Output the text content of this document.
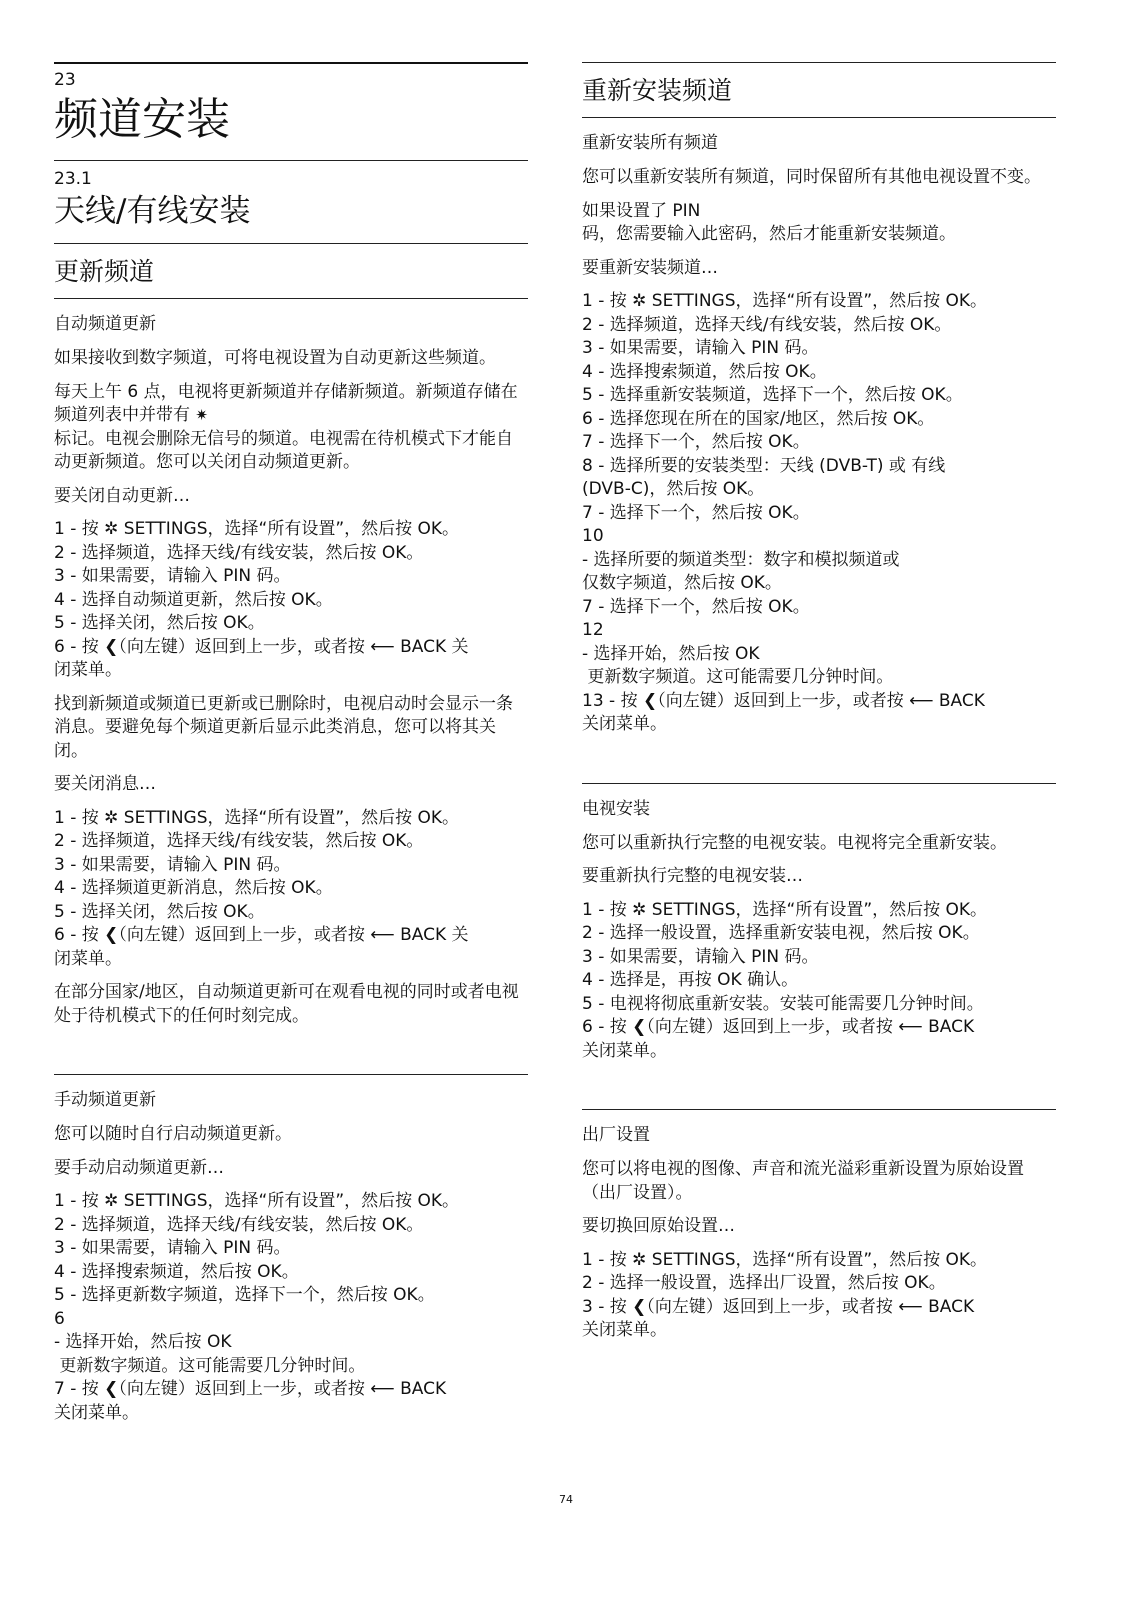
23
频道安装
23.1
天线/有线安装
更新频道
自动频道更新
如果接收到数字频道，可将电视设置为自动更新这些频道。
每天上午 6 点，电视将更新频道并存储新频道。新频道存储在频道列表中并带有 ✷
标记。电视会删除无信号的频道。电视需在待机模式下才能自动更新频道。您可以关闭自动频道更新。
要关闭自动更新…
1 - 按 ✲ SETTINGS，选择“所有设置”，然后按 OK。
2 - 选择频道，选择天线/有线安装，然后按 OK。
3 - 如果需要，请输入 PIN 码。
4 - 选择自动频道更新，然后按 OK。
5 - 选择关闭，然后按 OK。
6 - 按 ❮（向左键）返回到上一步，或者按 ⟵ BACK 关闭菜单。
找到新频道或频道已更新或已删除时，电视启动时会显示一条消息。要避免每个频道更新后显示此类消息，您可以将其关闭。
要关闭消息…
1 - 按 ✲ SETTINGS，选择“所有设置”，然后按 OK。
2 - 选择频道，选择天线/有线安装，然后按 OK。
3 - 如果需要，请输入 PIN 码。
4 - 选择频道更新消息，然后按 OK。
5 - 选择关闭，然后按 OK。
6 - 按 ❮（向左键）返回到上一步，或者按 ⟵ BACK 关闭菜单。
在部分国家/地区，自动频道更新可在观看电视的同时或者电视处于待机模式下的任何时刻完成。
手动频道更新
您可以随时自行启动频道更新。
要手动启动频道更新…
1 - 按 ✲ SETTINGS，选择“所有设置”，然后按 OK。
2 - 选择频道，选择天线/有线安装，然后按 OK。
3 - 如果需要，请输入 PIN 码。
4 - 选择搜索频道，然后按 OK。
5 - 选择更新数字频道，选择下一个，然后按 OK。
6
- 选择开始，然后按 OK
更新数字频道。这可能需要几分钟时间。
7 - 按 ❮（向左键）返回到上一步，或者按 ⟵ BACK
关闭菜单。
重新安装频道
重新安装所有频道
您可以重新安装所有频道，同时保留所有其他电视设置不变。
如果设置了 PIN
码，您需要输入此密码，然后才能重新安装频道。
要重新安装频道…
1 - 按 ✲ SETTINGS，选择“所有设置”，然后按 OK。
2 - 选择频道，选择天线/有线安装，然后按 OK。
3 - 如果需要，请输入 PIN 码。
4 - 选择搜索频道，然后按 OK。
5 - 选择重新安装频道，选择下一个，然后按 OK。
6 - 选择您现在所在的国家/地区，然后按 OK。
7 - 选择下一个，然后按 OK。
8 - 选择所要的安装类型：天线 (DVB-T) 或 有线
(DVB-C)，然后按 OK。
7 - 选择下一个，然后按 OK。
10
- 选择所要的频道类型：数字和模拟频道或
仅数字频道，然后按 OK。
7 - 选择下一个，然后按 OK。
12
- 选择开始，然后按 OK
更新数字频道。这可能需要几分钟时间。
13 - 按 ❮（向左键）返回到上一步，或者按 ⟵ BACK
关闭菜单。
电视安装
您可以重新执行完整的电视安装。电视将完全重新安装。
要重新执行完整的电视安装…
1 - 按 ✲ SETTINGS，选择“所有设置”，然后按 OK。
2 - 选择一般设置，选择重新安装电视，然后按 OK。
3 - 如果需要，请输入 PIN 码。
4 - 选择是，再按 OK 确认。
5 - 电视将彻底重新安装。安装可能需要几分钟时间。
6 - 按 ❮（向左键）返回到上一步，或者按 ⟵ BACK
关闭菜单。
出厂设置
您可以将电视的图像、声音和流光溢彩重新设置为原始设置（出厂设置）。
要切换回原始设置…
1 - 按 ✲ SETTINGS，选择“所有设置”，然后按 OK。
2 - 选择一般设置，选择出厂设置，然后按 OK。
3 - 按 ❮（向左键）返回到上一步，或者按 ⟵ BACK
关闭菜单。
74
